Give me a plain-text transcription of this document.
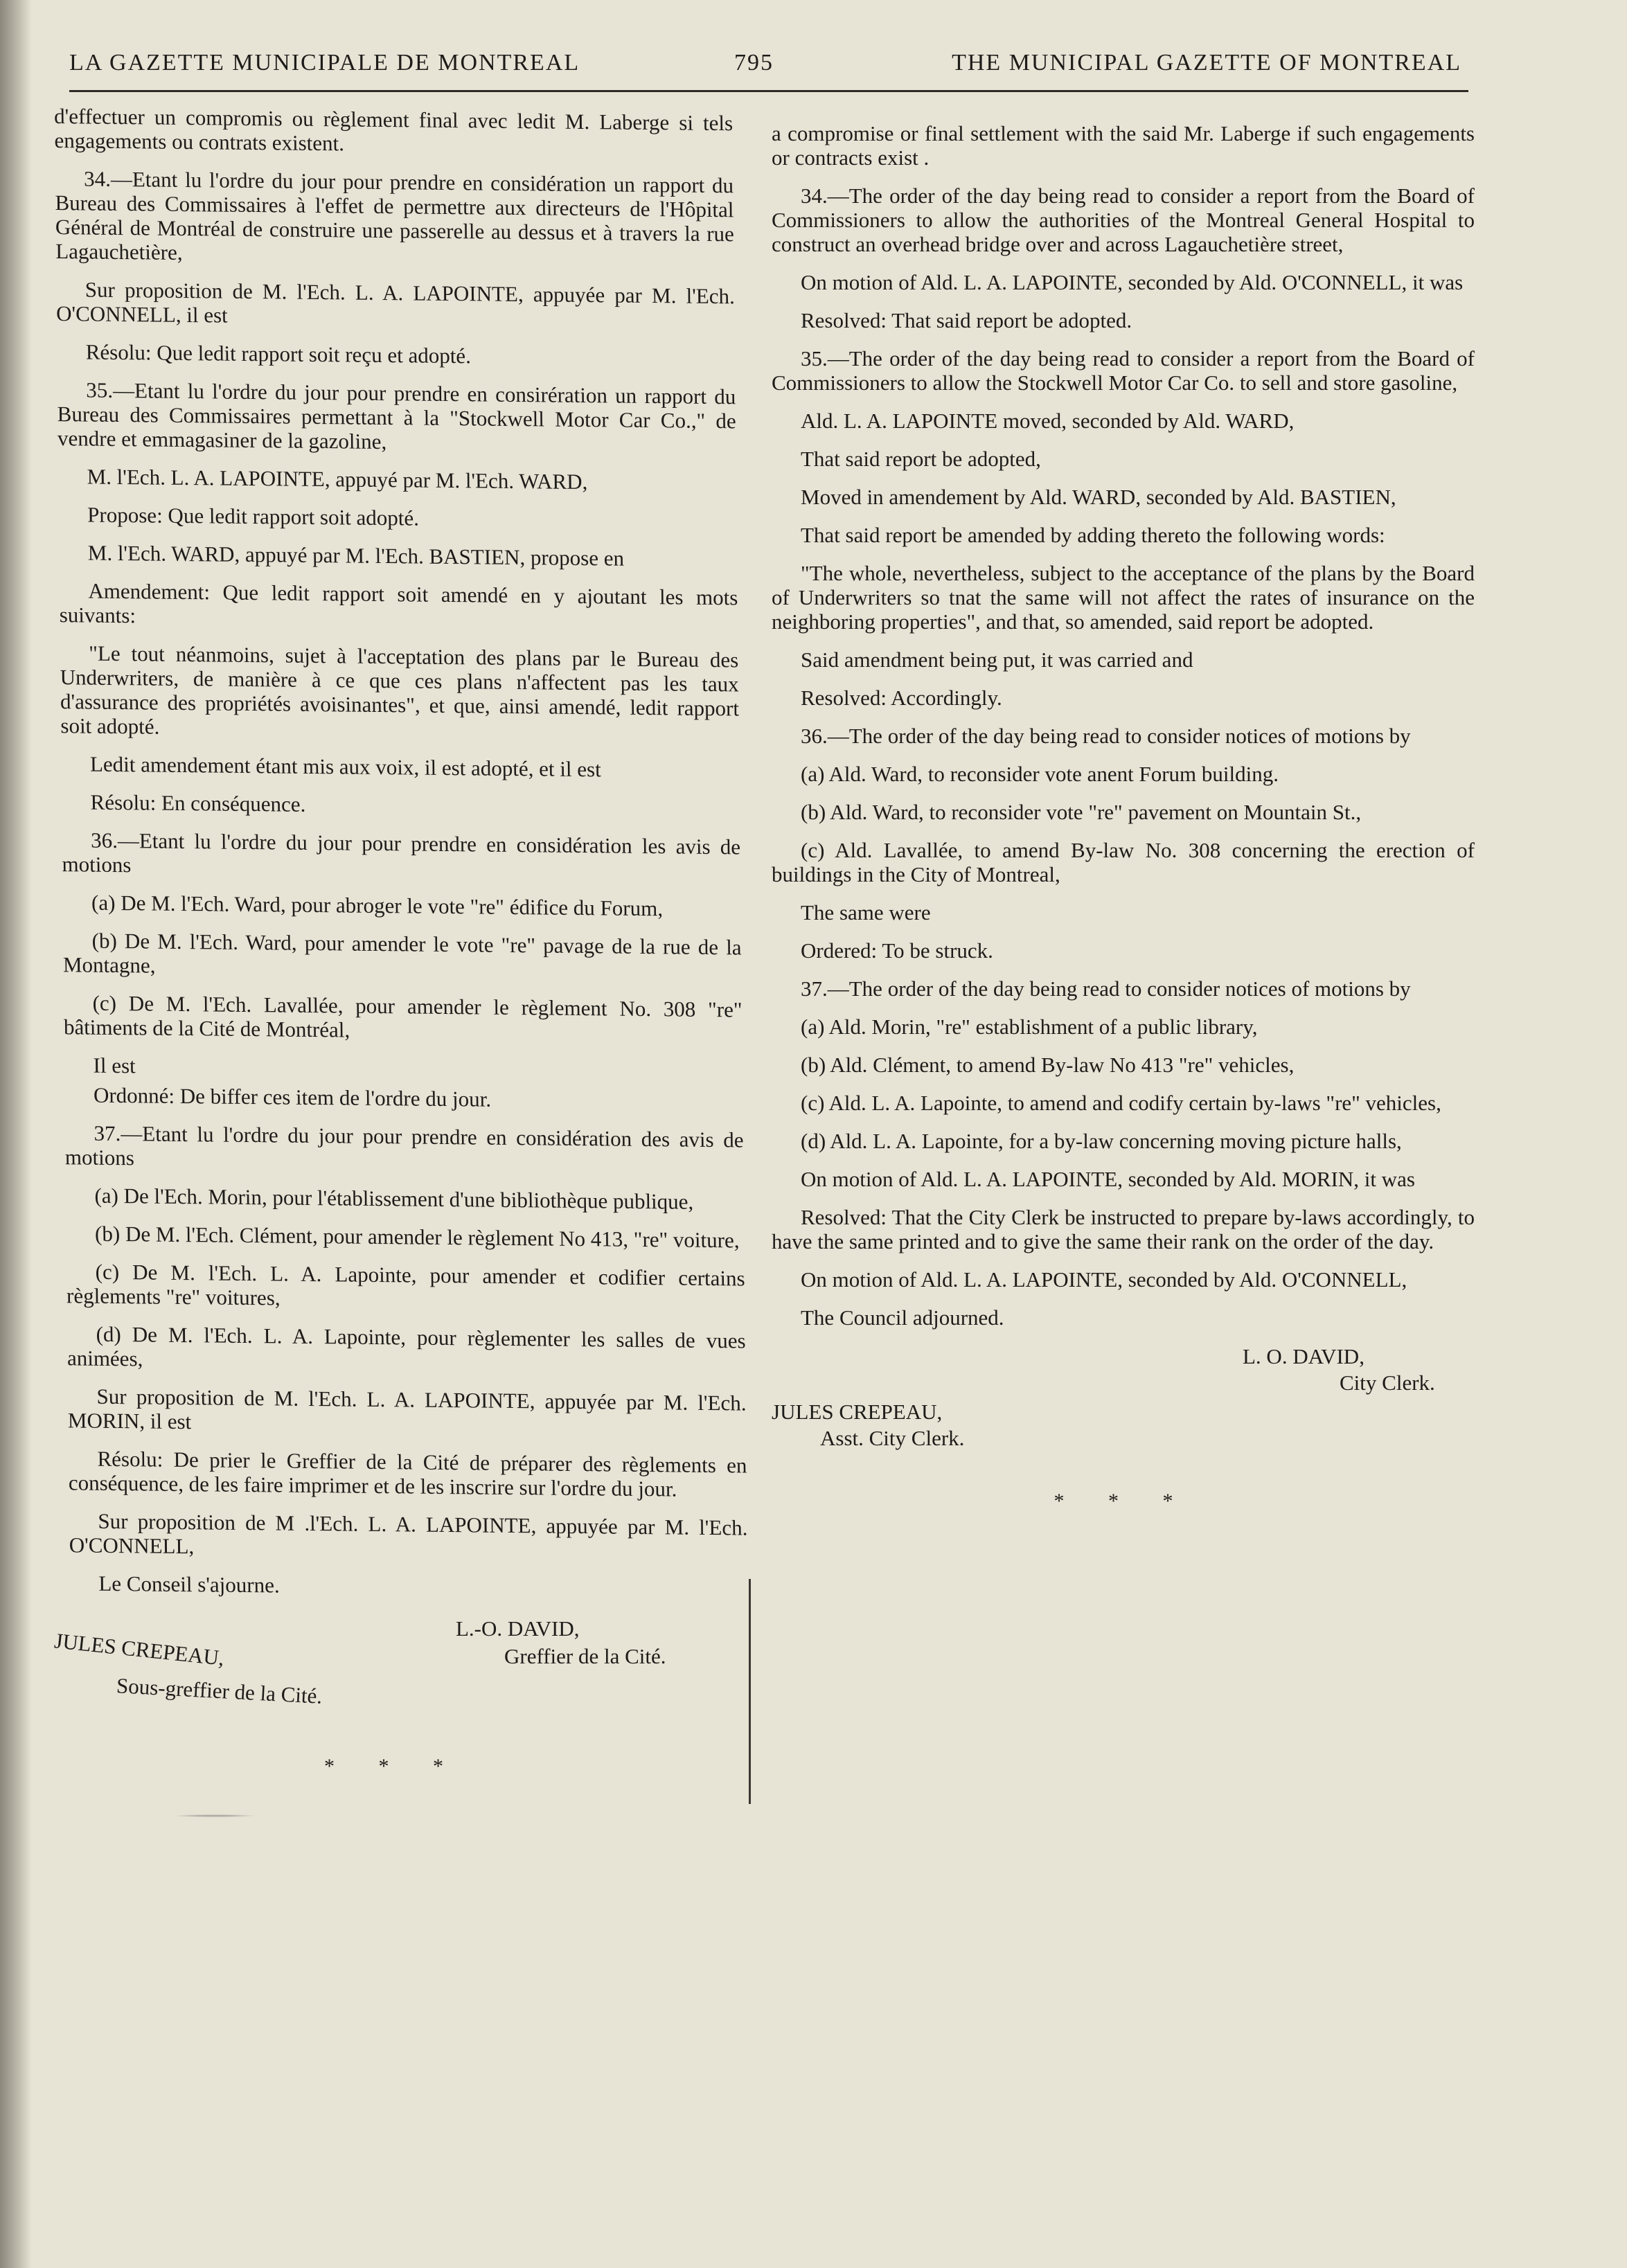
LA GAZETTE MUNICIPALE DE MONTREAL	795	THE MUNICIPAL GAZETTE OF MONTREAL

d'effectuer un compromis ou règlement final avec ledit M. Laberge si tels engagements ou contrats existent.

34.—Etant lu l'ordre du jour pour prendre en considération un rapport du Bureau des Commissaires à l'effet de permettre aux directeurs de l'Hôpital Général de Montréal de construire une passerelle au dessus et à travers la rue Lagauchetière,

Sur proposition de M. l'Ech. L. A. LAPOINTE, appuyée par M. l'Ech. O'CONNELL, il est

Résolu: Que ledit rapport soit reçu et adopté.

35.—Etant lu l'ordre du jour pour prendre en consirération un rapport du Bureau des Commissaires permettant à la "Stockwell Motor Car Co.," de vendre et emmagasiner de la gazoline,

M. l'Ech. L. A. LAPOINTE, appuyé par M. l'Ech. WARD,

Propose: Que ledit rapport soit adopté.

M. l'Ech. WARD, appuyé par M. l'Ech. BASTIEN, propose en

Amendement: Que ledit rapport soit amendé en y ajoutant les mots suivants:

"Le tout néanmoins, sujet à l'acceptation des plans par le Bureau des Underwriters, de manière à ce que ces plans n'affectent pas les taux d'assurance des propriétés avoisinantes", et que, ainsi amendé, ledit rapport soit adopté.

Ledit amendement étant mis aux voix, il est adopté, et il est

Résolu: En conséquence.

36.—Etant lu l'ordre du jour pour prendre en considération les avis de motions

(a) De M. l'Ech. Ward, pour abroger le vote "re" édifice du Forum,

(b) De M. l'Ech. Ward, pour amender le vote "re" pavage de la rue de la Montagne,

(c) De M. l'Ech. Lavallée, pour amender le règlement No. 308 "re" bâtiments de la Cité de Montréal,

Il est

Ordonné: De biffer ces item de l'ordre du jour.

37.—Etant lu l'ordre du jour pour prendre en considération des avis de motions

(a) De l'Ech. Morin, pour l'établissement d'une bibliothèque publique,

(b) De M. l'Ech. Clément, pour amender le règlement No 413, "re" voiture,

(c) De M. l'Ech. L. A. Lapointe, pour amender et codifier certains règlements "re" voitures,

(d) De M. l'Ech. L. A. Lapointe, pour règlementer les salles de vues animées,

Sur proposition de M. l'Ech. L. A. LAPOINTE, appuyée par M. l'Ech. MORIN, il est

Résolu: De prier le Greffier de la Cité de préparer des règlements en conséquence, de les faire imprimer et de les inscrire sur l'ordre du jour.

Sur proposition de M .l'Ech. L. A. LAPOINTE, appuyée par M. l'Ech. O'CONNELL,

Le Conseil s'ajourne.

L.-O. DAVID,
Greffier de la Cité.
JULES CREPEAU,
Sous-greffier de la Cité.
* * *

a compromise or final settlement with the said Mr. Laberge if such engagements or contracts exist .

34.—The order of the day being read to consider a report from the Board of Commissioners to allow the authorities of the Montreal General Hospital to construct an overhead bridge over and across Lagauchetière street,

On motion of Ald. L. A. LAPOINTE, seconded by Ald. O'CONNELL, it was

Resolved: That said report be adopted.

35.—The order of the day being read to consider a report from the Board of Commissioners to allow the Stockwell Motor Car Co. to sell and store gasoline,

Ald. L. A. LAPOINTE moved, seconded by Ald. WARD,

That said report be adopted,

Moved in amendement by Ald. WARD, seconded by Ald. BASTIEN,

That said report be amended by adding thereto the following words:

"The whole, nevertheless, subject to the acceptance of the plans by the Board of Underwriters so tnat the same will not affect the rates of insurance on the neighboring properties", and that, so amended, said report be adopted.

Said amendment being put, it was carried and

Resolved: Accordingly.

36.—The order of the day being read to consider notices of motions by

(a) Ald. Ward, to reconsider vote anent Forum building.

(b) Ald. Ward, to reconsider vote "re" pavement on Mountain St.,

(c) Ald. Lavallée, to amend By-law No. 308 concerning the erection of buildings in the City of Montreal,

The same were

Ordered: To be struck.

37.—The order of the day being read to consider notices of motions by

(a) Ald. Morin, "re" establishment of a public library,

(b) Ald. Clément, to amend By-law No 413 "re" vehicles,

(c) Ald. L. A. Lapointe, to amend and codify certain by-laws "re" vehicles,

(d) Ald. L. A. Lapointe, for a by-law concerning moving picture halls,

On motion of Ald. L. A. LAPOINTE, seconded by Ald. MORIN, it was

Resolved: That the City Clerk be instructed to prepare by-laws accordingly, to have the same printed and to give the same their rank on the order of the day.

On motion of Ald. L. A. LAPOINTE, seconded by Ald. O'CONNELL,

The Council adjourned.

L. O. DAVID,
City Clerk.
JULES CREPEAU,
Asst. City Clerk.
* * *
